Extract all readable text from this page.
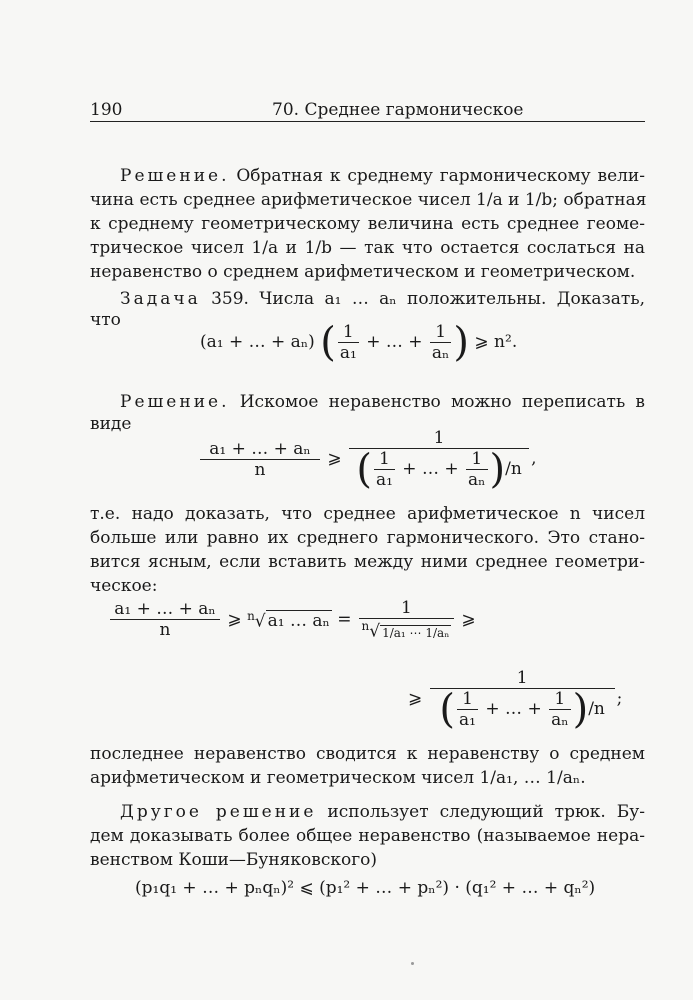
190	70. Среднее гармоническое
Решение. Обратная к среднему гармоническому вели-
чина есть среднее арифметическое чисел 1/a и 1/b; обратная
к среднему геометрическому величина есть среднее геоме-
трическое чисел 1/a и 1/b — так что остается сослаться на
неравенство о среднем арифметическом и геометрическом.
Задача 359. Числа a₁ … aₙ положительны. Доказать,
что
(a₁ + … + aₙ) ( $\frac{1}{\text{a₁}}$ + … + $\frac{1}{\text{aₙ}}$ ) ⩾ n².
Решение. Искомое неравенство можно переписать в
виде
$\frac{\text{a₁ + … + aₙ}}{n}$ ⩾ $\frac{1}{( \frac{1}{\text{a₁}} + \dots + \frac{1}{\text{aₙ}} )/n}$ ,
т.е. надо доказать, что среднее арифметическое n чисел
больше или равно их среднего гармонического. Это стано-
вится ясным, если вставить между ними среднее геометри-
ческое:
$\frac{\text{a₁ + … + aₙ}}{n}$ ⩾ $^n$√ a₁ … $a_n = \frac{1}{^n√ 1/a_1 \cdots 1/a_n}$ ⩾
⩾ $\frac{1}{( \frac{1}{\text{a₁}} + \dots + \frac{1}{\text{aₙ}} )/n}$ ;
последнее неравенство сводится к неравенству о среднем
арифметическом и геометрическом чисел 1/a₁, … 1/aₙ.
Другое решение использует следующий трюк. Бу-
дем доказывать более общее неравенство (называемое нера-
венством Коши—Буняковского)
(p₁q₁ + … + pₙqₙ)² ⩽ (p₁² + … + pₙ²) · (q₁² + … + qₙ²)
